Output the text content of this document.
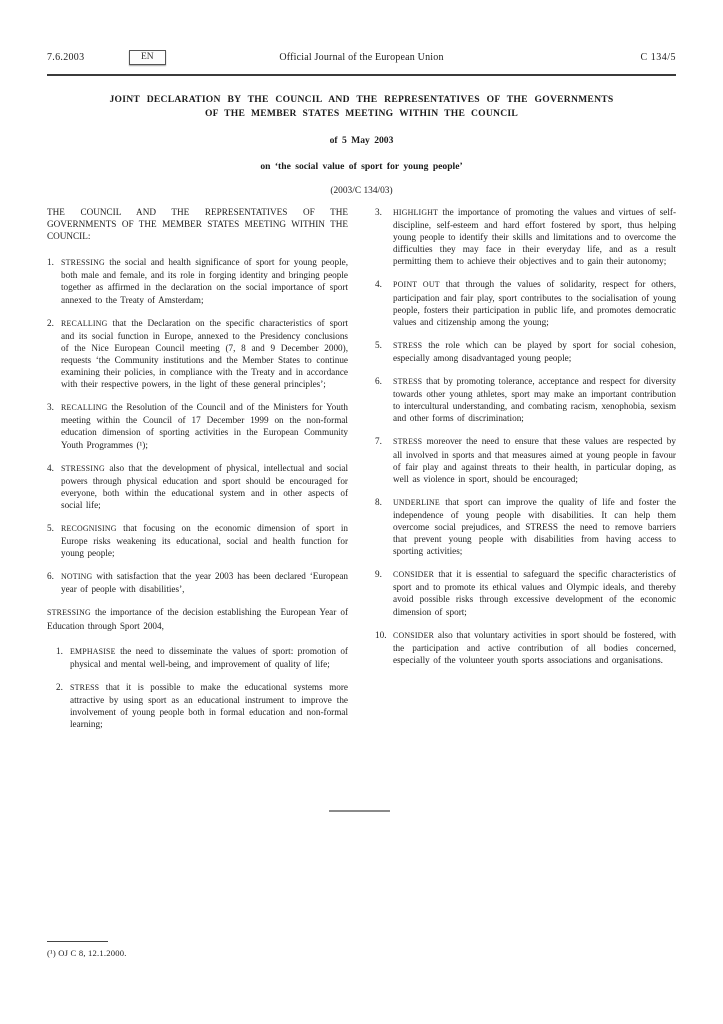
7.6.2003	EN	Official Journal of the European Union	C 134/5
JOINT DECLARATION BY THE COUNCIL AND THE REPRESENTATIVES OF THE GOVERNMENTS OF THE MEMBER STATES MEETING WITHIN THE COUNCIL
of 5 May 2003
on ‘the social value of sport for young people’
(2003/C 134/03)

THE COUNCIL AND THE REPRESENTATIVES OF THE GOVERNMENTS OF THE MEMBER STATES MEETING WITHIN THE COUNCIL:

1. STRESSING the social and health significance of sport for young people, both male and female, and its role in forging identity and bringing people together as affirmed in the declaration on the social importance of sport annexed to the Treaty of Amsterdam;
2. RECALLING that the Declaration on the specific characteristics of sport and its social function in Europe, annexed to the Presidency conclusions of the Nice European Council meeting (7, 8 and 9 December 2000), requests ‘the Community institutions and the Member States to continue examining their policies, in compliance with the Treaty and in accordance with their respective powers, in the light of these general principles’;
3. RECALLING the Resolution of the Council and of the Ministers for Youth meeting within the Council of 17 December 1999 on the non-formal education dimension of sporting activities in the European Community Youth Programmes (¹);
4. STRESSING also that the development of physical, intellectual and social powers through physical education and sport should be encouraged for everyone, both within the educational system and in other aspects of social life;
5. RECOGNISING that focusing on the economic dimension of sport in Europe risks weakening its educational, social and health function for young people;
6. NOTING with satisfaction that the year 2003 has been declared ‘European year of people with disabilities’,

STRESSING the importance of the decision establishing the European Year of Education through Sport 2004,

1. EMPHASISE the need to disseminate the values of sport: promotion of physical and mental well-being, and improvement of quality of life;
2. STRESS that it is possible to make the educational systems more attractive by using sport as an educational instrument to improve the involvement of young people both in formal education and non-formal learning;
3.	HIGHLIGHT the importance of promoting the values and virtues of self-discipline, self-esteem and hard effort fostered by sport, thus helping young people to identify their skills and limitations and to overcome the difficulties they may face in their everyday life, and as a result permitting them to achieve their objectives and to gain their autonomy;
4.	POINT OUT that through the values of solidarity, respect for others, participation and fair play, sport contributes to the socialisation of young people, fosters their participation in public life, and promotes democratic values and citizenship among the young;
5.	STRESS the role which can be played by sport for social cohesion, especially among disadvantaged young people;
6.	STRESS that by promoting tolerance, acceptance and respect for diversity towards other young athletes, sport may make an important contribution to intercultural understanding, and combating racism, xenophobia, sexism and other forms of discrimination;
7.	STRESS moreover the need to ensure that these values are respected by all involved in sports and that measures aimed at young people in favour of fair play and against threats to their health, in particular doping, as well as violence in sport, should be encouraged;
8.	UNDERLINE that sport can improve the quality of life and foster the independence of young people with disabilities. It can help them overcome social prejudices, and STRESS the need to remove barriers that prevent young people with disabilities from having access to sporting activities;
9.	CONSIDER that it is essential to safeguard the specific characteristics of sport and to promote its ethical values and Olympic ideals, and thereby avoid possible risks through excessive development of the economic dimension of sport;
10. CONSIDER also that voluntary activities in sport should be fostered, with the participation and active contribution of all bodies concerned, especially of the volunteer youth sports associations and organisations.
(¹) OJ C 8, 12.1.2000.
